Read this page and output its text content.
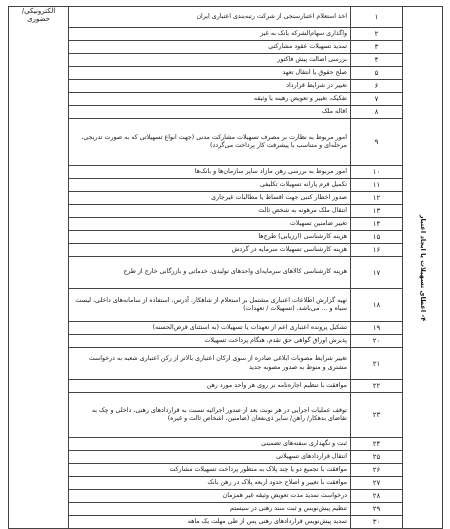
الکترونیکی/حضوری	اخذ استعلام اعتبارسنجی از شرکت رتبه‌بندی اعتباری ایران	۱	۴- اعطای تسهیلات یا ایجاد اعتبار

	واگذاری سهام‌الشرکه بانک به غیر	۲	
	تمدید تسهیلات عقود مشارکتی	۳	
	بررسی اصالت پیش فاکتور	۴	
	صلح حقوق یا انتقال تعهد	۵	
	تغییر در شرایط قرارداد	۶	
	تفکیک، تغییر و تعویض رهینه یا وثیقه	۷	
	اقاله ملک	۸	
	امور مربوط به نظارت بر مصرف تسهیلات مشارکت مدنی (جهت انواع تسهیلاتی که به صورت تدریجی، مرحله‌ای و متناسب با پیشرفت کار پرداخت می‌گردد)	۹	
	امور مربوط به بررسی رهن مازاد سایر سازمان‌ها و بانک‌ها	۱۰	
	تکمیل فرم پارانه تسهیلات تکلیفی	۱۱	
	صدور اخطار کتبی جهت اقساط یا مطالبات غیرجاری	۱۲	
	انتقال ملک مرهونه به شخص ثالث	۱۳	
	تغییر ضامنین تسهیلات	۱۴	
	هزینه کارشناسی (ارزیابی) طرح‌ها	۱۵	
	هزینه کارشناسی تسهیلات سرمایه در گردش	۱۶	
	هزینه کارشناسی کالاهای سرمایه‌ای واحدهای تولیدی، خدماتی و بازرگانی خارج از طرح	۱۷	
	تهیه گزارش اطلاعات اعتباری مشتمل بر استعلام از شاهکار، آدرس، استفاده از سامانه‌های داخلی، لیست سیاه و ... می‌باشد. (تسهیلات / تعهدات)	۱۸	
	تشکیل پرونده اعتباری اعم از تعهدات یا تسهیلات (به استثنای قرض‌الحسنه)	۱۹	
	پذیرش اوراق گواهی حق تقدم، هنگام پرداخت تسهیلات	۲۰	
	تغییر شرایط مصوبات ابلاغی صادره از سوی ارکان اعتباری بالاتر از رکن اعتباری شعبه به درخواست مشتری و منوط به صدور مصوبه جدید	۲۱	
	موافقت با تنظیم اجاره‌نامه بر روی هر واحد مورد رهن	۲۲	
	توقف عملیات اجرایی در هر نوبت بعد از صدور اجرائیه نسبت به قراردادهای رهنی، داخلی و چک به تقاضای بدهکار/ راهن/ سایر ذی‌نفعان (ضامنین، اشخاص ثالث و غیره)	۲۳	
	ثبت و نگهداری سفته‌های تضمینی	۲۴	
	انتقال قراردادهای تسهیلاتی	۲۵	
	موافقت با تجمیع دو یا چند پلاک به منظور پرداخت تسهیلات مشارکت	۲۶	
	موافقت با تغییر و اصلاح حدود اربعه پلاک در رهن بانک	۲۷	
	درخواست تمدید مدت تعویض وثیقه غیر همزمان	۲۸	
	تنظیم پیش‌نویس و ثبت سند رهنی در سیستم	۲۹	
	تمدید پیش‌نویس قراردادهای رهنی پس از طی مهلت یک ماهه	۳۰	
